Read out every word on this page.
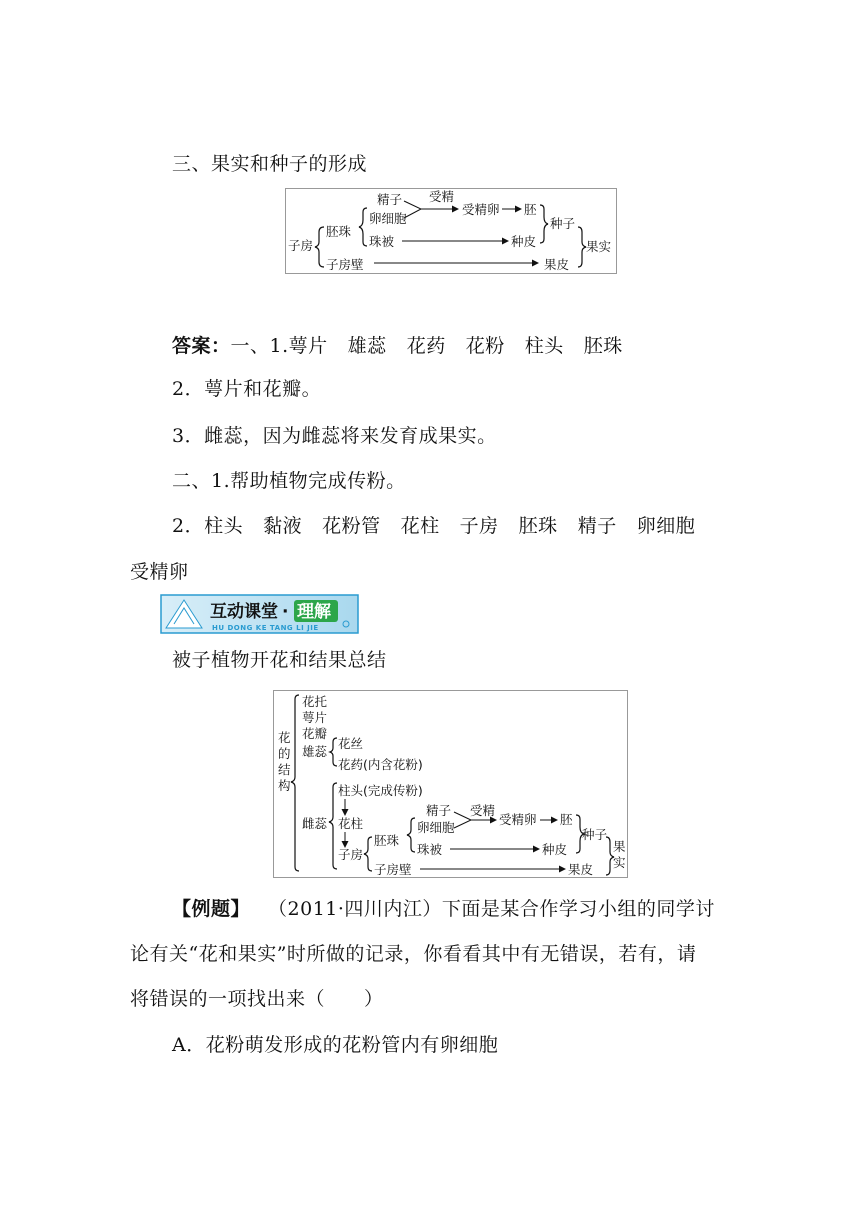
三、果实和种子的形成
子房
胚珠
子房壁
精子
卵细胞
珠被
受精
受精卵 胚
种皮
种子
果皮
果实
答案：一、1.萼片 雄蕊 花药 花粉 柱头 胚珠
2．萼片和花瓣。
3．雌蕊，因为雌蕊将来发育成果实。
二、1.帮助植物完成传粉。
2．柱头 黏液 花粉管 花柱 子房 胚珠 精子 卵细胞
受精卵
互动课堂 · 理解
HU DONG KE TANG LI JIE
被子植物开花和结果总结
花
的
结
构
花托
萼片
花瓣
雄蕊
花丝
花药(内含花粉)
雌蕊
柱头(完成传粉)
花柱
子房
胚珠
子房壁
精子
卵细胞
珠被
受精
受精卵 胚
种皮
种子
果皮
果
实
【例题】 （2011·四川内江）下面是某合作学习小组的同学讨
论有关“花和果实”时所做的记录，你看看其中有无错误，若有，请
将错误的一项找出来（　　）
A．花粉萌发形成的花粉管内有卵细胞
